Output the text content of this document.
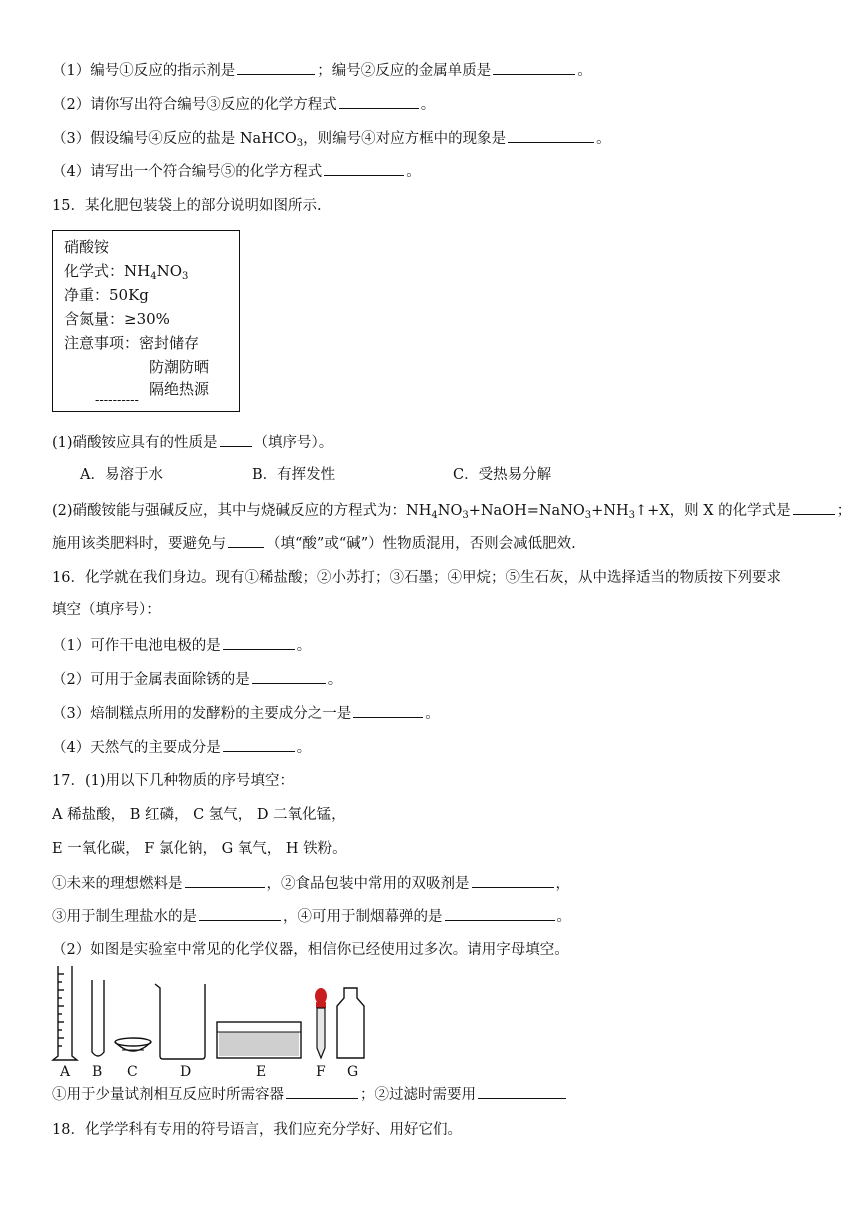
（1）编号①反应的指示剂是	；编号②反应的金属单质是	。
（2）请你写出符合编号③反应的化学方程式	。
（3）假设编号④反应的盐是 NaHCO$_3$，则编号④对应方框中的现象是	。
（4）请写出一个符合编号⑤的化学方程式	。
15．某化肥包装袋上的部分说明如图所示.
硝酸铵
化学式：$NH_4NO_3$
净重：50Kg
含氮量：≥30%
注意事项：密封储存
防潮防晒
隔绝热源
----------
(1)硝酸铵应具有的性质是 （填序号）。
A．易溶于水	B．有挥发性	C．受热易分解
(2)硝酸铵能与强碱反应，其中与烧碱反应的方程式为：$NH_4NO_3+NaOH=NaNO_3+NH_3↑+X$，则 X 的化学式是	；
施用该类肥料时，要避免与	（填“酸”或“碱”）性物质混用，否则会减低肥效.
16．化学就在我们身边。现有①稀盐酸；②小苏打；③石墨；④甲烷；⑤生石灰，从中选择适当的物质按下列要求
填空（填序号）：
（1）可作干电池电极的是	。
（2）可用于金属表面除锈的是	。
（3）焙制糕点所用的发酵粉的主要成分之一是	。
（4）天然气的主要成分是	。
17．(1)用以下几种物质的序号填空：
A 稀盐酸， B 红磷， C 氢气， D 二氧化锰，
E 一氧化碳， F 氯化钠， G 氧气， H 铁粉。
①未来的理想燃料是	，②食品包装中常用的双吸剂是	，
③用于制生理盐水的是	，④可用于制烟幕弹的是	。
（2）如图是实验室中常见的化学仪器，相信你已经使用过多次。请用字母填空。
A B C	D	E	F G
①用于少量试剂相互反应时所需容器	；②过滤时需要用
18．化学学科有专用的符号语言，我们应充分学好、用好它们。
